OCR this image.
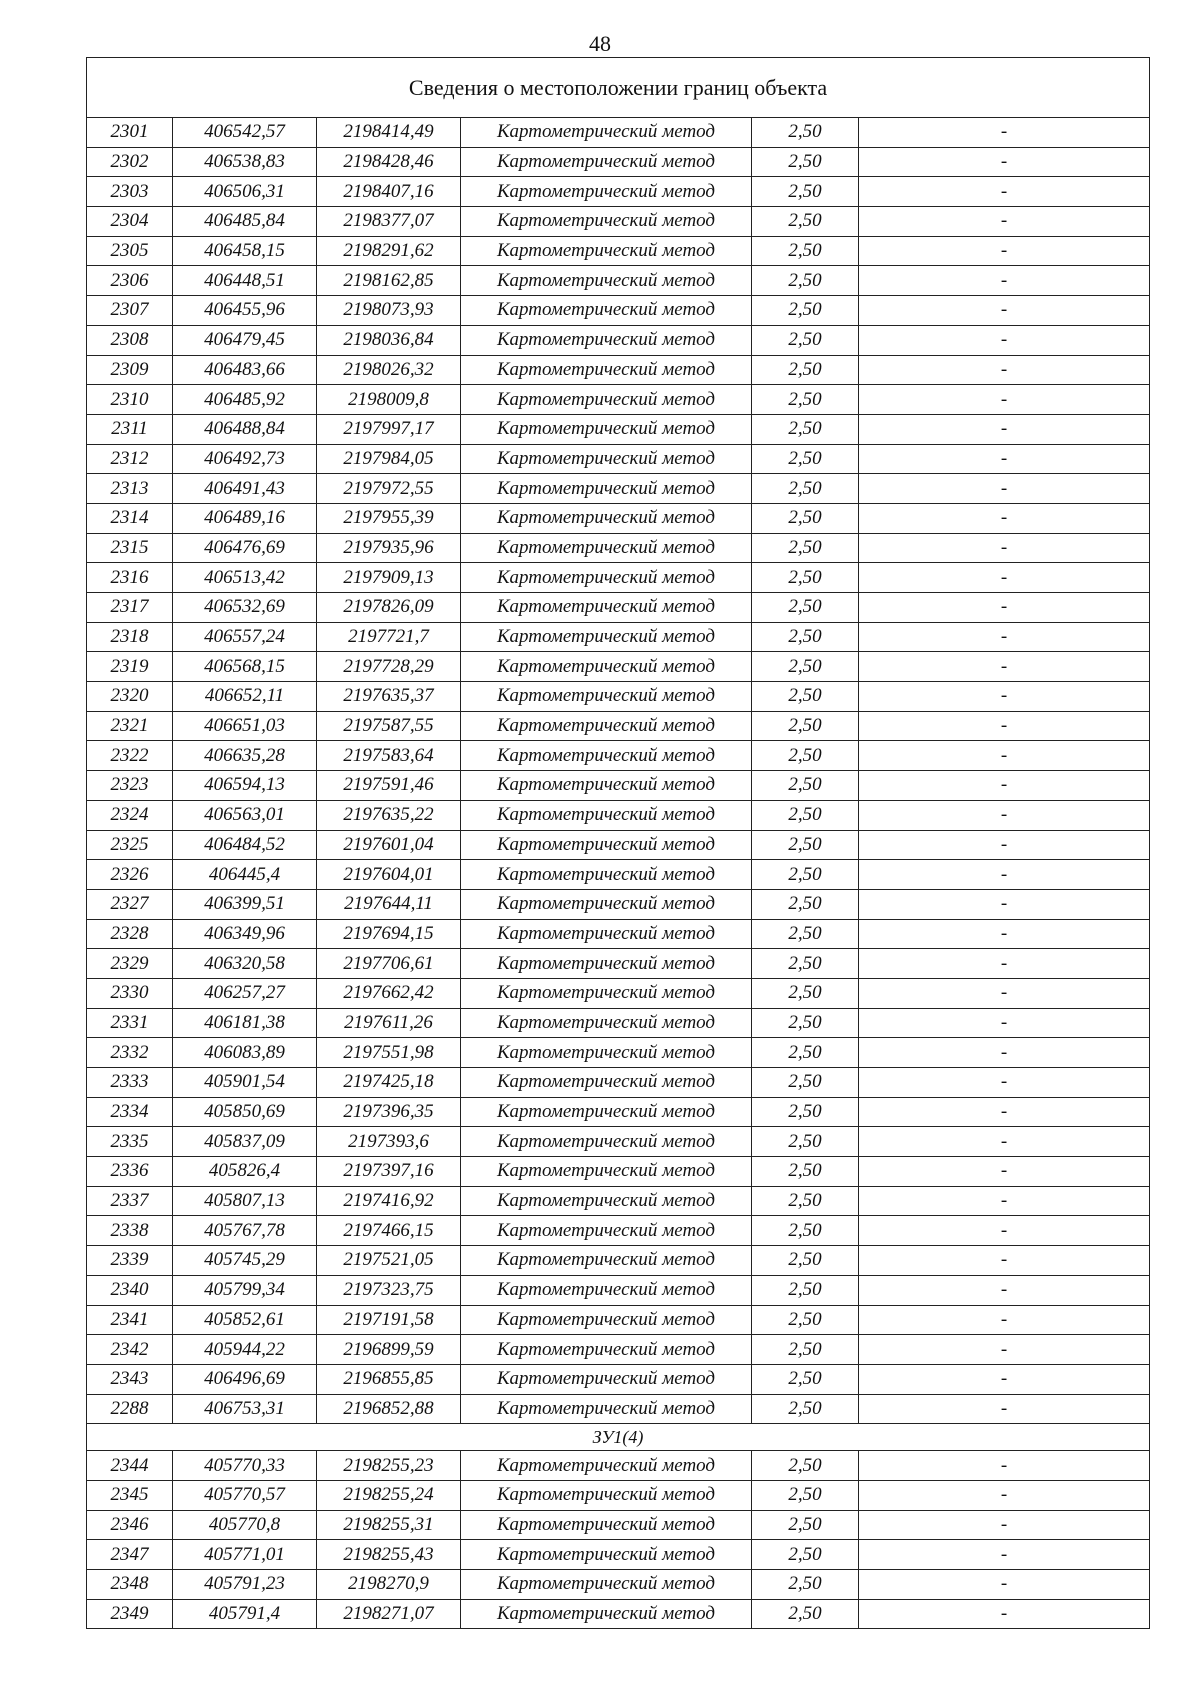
48
Сведения о местоположении границ объекта					
2301	406542,57	2198414,49	Картометрический метод	2,50	-
2302	406538,83	2198428,46	Картометрический метод	2,50	-
2303	406506,31	2198407,16	Картометрический метод	2,50	-
2304	406485,84	2198377,07	Картометрический метод	2,50	-
2305	406458,15	2198291,62	Картометрический метод	2,50	-
2306	406448,51	2198162,85	Картометрический метод	2,50	-
2307	406455,96	2198073,93	Картометрический метод	2,50	-
2308	406479,45	2198036,84	Картометрический метод	2,50	-
2309	406483,66	2198026,32	Картометрический метод	2,50	-
2310	406485,92	2198009,8	Картометрический метод	2,50	-
2311	406488,84	2197997,17	Картометрический метод	2,50	-
2312	406492,73	2197984,05	Картометрический метод	2,50	-
2313	406491,43	2197972,55	Картометрический метод	2,50	-
2314	406489,16	2197955,39	Картометрический метод	2,50	-
2315	406476,69	2197935,96	Картометрический метод	2,50	-
2316	406513,42	2197909,13	Картометрический метод	2,50	-
2317	406532,69	2197826,09	Картометрический метод	2,50	-
2318	406557,24	2197721,7	Картометрический метод	2,50	-
2319	406568,15	2197728,29	Картометрический метод	2,50	-
2320	406652,11	2197635,37	Картометрический метод	2,50	-
2321	406651,03	2197587,55	Картометрический метод	2,50	-
2322	406635,28	2197583,64	Картометрический метод	2,50	-
2323	406594,13	2197591,46	Картометрический метод	2,50	-
2324	406563,01	2197635,22	Картометрический метод	2,50	-
2325	406484,52	2197601,04	Картометрический метод	2,50	-
2326	406445,4	2197604,01	Картометрический метод	2,50	-
2327	406399,51	2197644,11	Картометрический метод	2,50	-
2328	406349,96	2197694,15	Картометрический метод	2,50	-
2329	406320,58	2197706,61	Картометрический метод	2,50	-
2330	406257,27	2197662,42	Картометрический метод	2,50	-
2331	406181,38	2197611,26	Картометрический метод	2,50	-
2332	406083,89	2197551,98	Картометрический метод	2,50	-
2333	405901,54	2197425,18	Картометрический метод	2,50	-
2334	405850,69	2197396,35	Картометрический метод	2,50	-
2335	405837,09	2197393,6	Картометрический метод	2,50	-
2336	405826,4	2197397,16	Картометрический метод	2,50	-
2337	405807,13	2197416,92	Картометрический метод	2,50	-
2338	405767,78	2197466,15	Картометрический метод	2,50	-
2339	405745,29	2197521,05	Картометрический метод	2,50	-
2340	405799,34	2197323,75	Картометрический метод	2,50	-
2341	405852,61	2197191,58	Картометрический метод	2,50	-
2342	405944,22	2196899,59	Картометрический метод	2,50	-
2343	406496,69	2196855,85	Картометрический метод	2,50	-
2288	406753,31	2196852,88	Картометрический метод	2,50	-
ЗУ1(4)					
2344	405770,33	2198255,23	Картометрический метод	2,50	-
2345	405770,57	2198255,24	Картометрический метод	2,50	-
2346	405770,8	2198255,31	Картометрический метод	2,50	-
2347	405771,01	2198255,43	Картометрический метод	2,50	-
2348	405791,23	2198270,9	Картометрический метод	2,50	-
2349	405791,4	2198271,07	Картометрический метод	2,50	-
